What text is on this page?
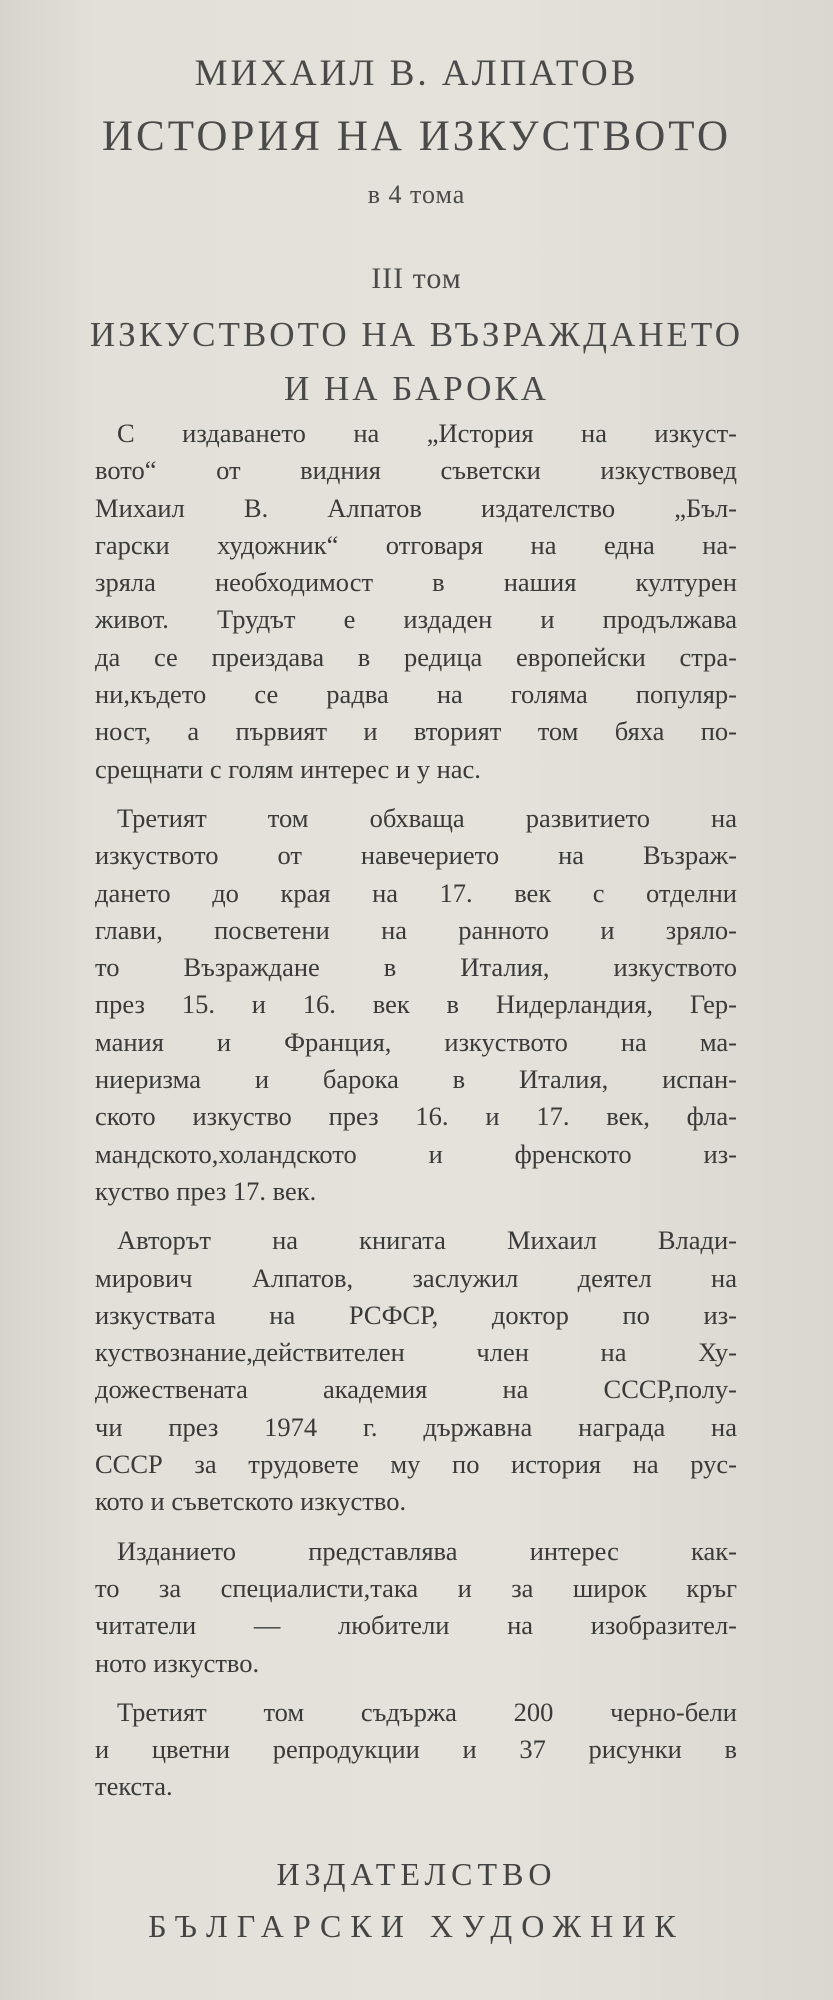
МИХАИЛ В. АЛПАТОВ
ИСТОРИЯ НА ИЗКУСТВОТО
в 4 тома
III том
ИЗКУСТВОТО НА ВЪЗРАЖДАНЕТО
И НА БАРОКА

С издаването на „История на изкуст-
вото“ от видния съветски изкуствовед
Михаил В. Алпатов издателство „Бъл-
гарски художник“ отговаря на една на-
зряла необходимост в нашия културен
живот. Трудът е издаден и продължава
да се преиздава в редица европейски стра-
ни,където се радва на голяма популяр-
ност, а първият и вторият том бяха по-
срещнати с голям интерес и у нас.

Третият том обхваща развитието на
изкуството от навечерието на Възраж-
дането до края на 17. век с отделни
глави, посветени на ранното и зряло-
то Възраждане в Италия, изкуството
през 15. и 16. век в Нидерландия, Гер-
мания и Франция, изкуството на ма-
ниеризма и барока в Италия, испан-
ското изкуство през 16. и 17. век, фла-
мандското,холандското и френското из-
куство през 17. век.

Авторът на книгата Михаил Влади-
мирович Алпатов, заслужил деятел на
изкуствата на РСФСР, доктор по из-
куствознание,действителен член на Ху-
дожествената академия на СССР,полу-
чи през 1974 г. държавна награда на
СССР за трудовете му по история на рус-
кото и съветското изкуство.

Изданието представлява интерес как-
то за специалисти,така и за широк кръг
читатели — любители на изобразител-
ното изкуство.

Третият том съдържа 200 черно-бели
и цветни репродукции и 37 рисунки в
текста.

ИЗДАТЕЛСТВО
БЪЛГАРСКИ ХУДОЖНИК
